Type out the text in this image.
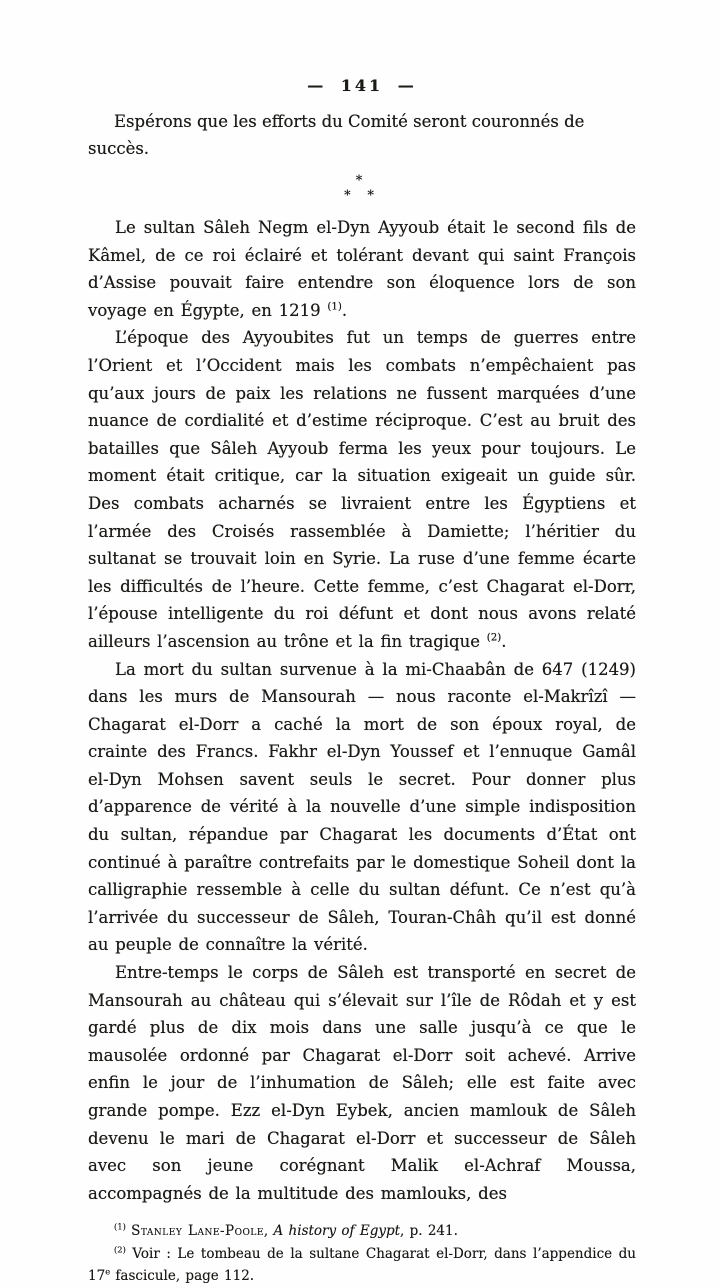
— 141 —

Espérons que les efforts du Comité seront couronnés de succès.

*
* *

Le sultan Sâleh Negm el-Dyn Ayyoub était le second fils de Kâmel, de ce roi éclairé et tolérant devant qui saint François d’Assise pouvait faire entendre son éloquence lors de son voyage en Égypte, en 1219 $^{(1)}$.

L’époque des Ayyoubites fut un temps de guerres entre l’Orient et l’Occident mais les combats n’empêchaient pas qu’aux jours de paix les relations ne fussent marquées d’une nuance de cordialité et d’estime réciproque. C’est au bruit des batailles que Sâleh Ayyoub ferma les yeux pour toujours. Le moment était critique, car la situation exigeait un guide sûr. Des combats acharnés se livraient entre les Égyptiens et l’armée des Croisés rassemblée à Damiette; l’héritier du sultanat se trouvait loin en Syrie. La ruse d’une femme écarte les difficultés de l’heure. Cette femme, c’est Chagarat el-Dorr, l’épouse intelligente du roi défunt et dont nous avons relaté ailleurs l’ascension au trône et la fin tragique $^{(2)}$.

La mort du sultan survenue à la mi-Chaabân de 647 (1249) dans les murs de Mansourah — nous raconte el-Makrîzî — Chagarat el-Dorr a caché la mort de son époux royal, de crainte des Francs. Fakhr el-Dyn Youssef et l’ennuque Gamâl el-Dyn Mohsen savent seuls le secret. Pour donner plus d’apparence de vérité à la nouvelle d’une simple indisposition du sultan, répandue par Chagarat les documents d’État ont continué à paraître contrefaits par le domestique Soheil dont la calligraphie ressemble à celle du sultan défunt. Ce n’est qu’à l’arrivée du successeur de Sâleh, Touran-Châh qu’il est donné au peuple de connaître la vérité.

Entre-temps le corps de Sâleh est transporté en secret de Mansourah au château qui s’élevait sur l’île de Rôdah et y est gardé plus de dix mois dans une salle jusqu’à ce que le mausolée ordonné par Chagarat el-Dorr soit achevé. Arrive enfin le jour de l’inhumation de Sâleh; elle est faite avec grande pompe. Ezz el-Dyn Eybek, ancien mamlouk de Sâleh devenu le mari de Chagarat el-Dorr et successeur de Sâleh avec son jeune corégnant Malik el-Achraf Moussa, accompagnés de la multitude des mamlouks, des

$^{(1)}$ Stanley Lane-Poole, A history of Egypt, p. 241.

$^{(2)}$ Voir : Le tombeau de la sultane Chagarat el-Dorr, dans l’appendice du 17e fascicule, page 112.
